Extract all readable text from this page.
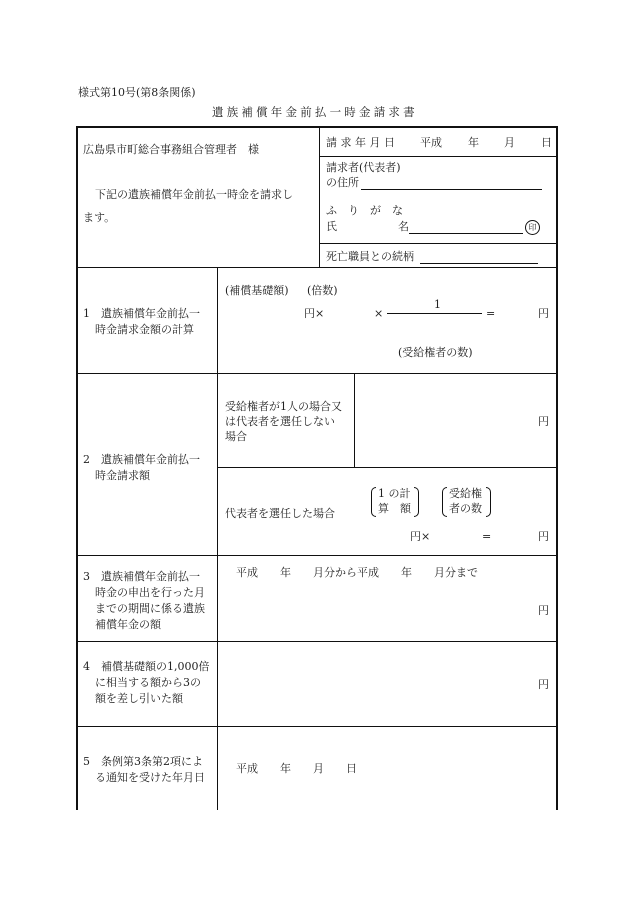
様式第10号(第8条関係)
遺族補償年金前払一時金請求書
広島県市町総合事務組合管理者　様
下記の遺族補償年金前払一時金を請求し
ます。
請 求 年 月 日 平成 年 月 日
請求者(代表者)
の住所
ふ　り　が　な
氏	名	印
死亡職員との続柄
1　遺族補償年金前払一
時金請求金額の計算
(補償基礎額) (倍数)
円×	×
1
=	円
(受給権者の数)
2　遺族補償年金前払一
時金請求額
受給権者が1人の場合又
は代表者を選任しない
場合
円
代表者を選任した場合
1 の計
算　額
受給権
者の数
円×	=	円
3　遺族補償年金前払一
時金の申出を行った月
までの期間に係る遺族
補償年金の額
平成　　年　　月分から平成　　年　　月分まで
円
4　補償基礎額の1,000倍
に相当する額から3の
額を差し引いた額
円
5　条例第3条第2項によ
る通知を受けた年月日
平成　　年　　月　　日
